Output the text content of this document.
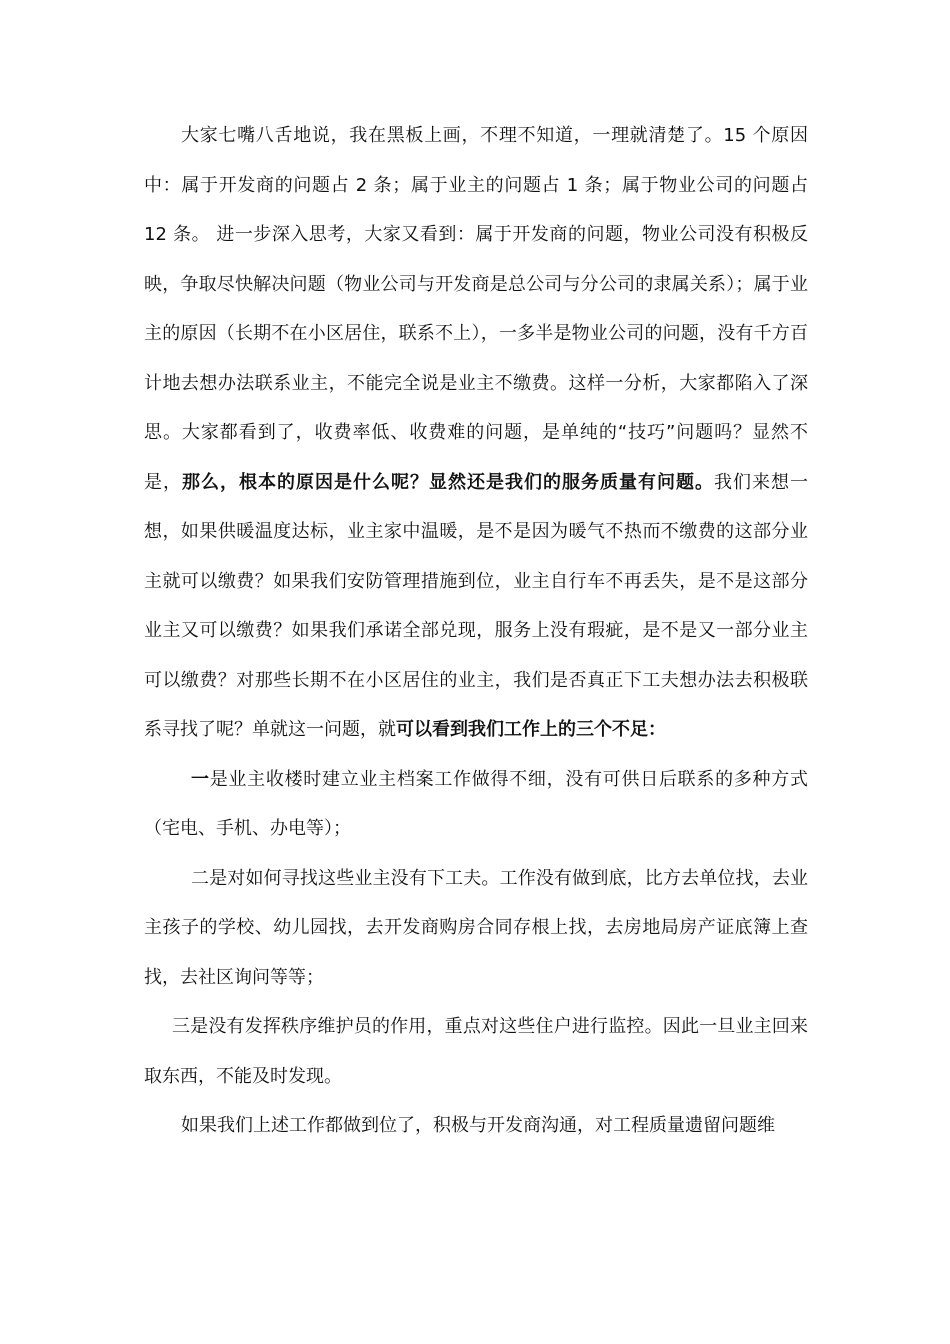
大家七嘴八舌地说，我在黑板上画，不理不知道，一理就清楚了。15 个原因中：属于开发商的问题占 2 条；属于业主的问题占 1 条；属于物业公司的问题占 12 条。 进一步深入思考，大家又看到：属于开发商的问题，物业公司没有积极反映，争取尽快解决问题（物业公司与开发商是总公司与分公司的隶属关系）；属于业主的原因（长期不在小区居住，联系不上），一多半是物业公司的问题，没有千方百计地去想办法联系业主，不能完全说是业主不缴费。这样一分析，大家都陷入了深思。大家都看到了，收费率低、收费难的问题，是单纯的“技巧”问题吗？显然不是，那么，根本的原因是什么呢？显然还是我们的服务质量有问题。我们来想一想，如果供暖温度达标，业主家中温暖，是不是因为暖气不热而不缴费的这部分业主就可以缴费？如果我们安防管理措施到位，业主自行车不再丢失，是不是这部分业主又可以缴费？如果我们承诺全部兑现，服务上没有瑕疵，是不是又一部分业主可以缴费？对那些长期不在小区居住的业主，我们是否真正下工夫想办法去积极联系寻找了呢？单就这一问题，就可以看到我们工作上的三个不足：

一是业主收楼时建立业主档案工作做得不细，没有可供日后联系的多种方式（宅电、手机、办电等）；

二是对如何寻找这些业主没有下工夫。工作没有做到底，比方去单位找，去业主孩子的学校、幼儿园找，去开发商购房合同存根上找，去房地局房产证底簿上查找，去社区询问等等；

三是没有发挥秩序维护员的作用，重点对这些住户进行监控。因此一旦业主回来取东西，不能及时发现。

如果我们上述工作都做到位了，积极与开发商沟通，对工程质量遗留问题维
